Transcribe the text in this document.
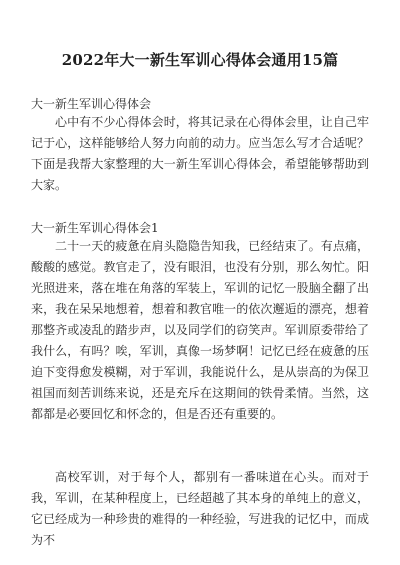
2022年大一新生军训心得体会通用15篇
大一新生军训心得体会

心中有不少心得体会时，将其记录在心得体会里，让自己牢记于心，这样能够给人努力向前的动力。应当怎么写才合适呢？下面是我帮大家整理的大一新生军训心得体会，希望能够帮助到大家。

大一新生军训心得体会1

二十一天的疲惫在肩头隐隐告知我，已经结束了。有点痛，酸酸的感觉。教官走了，没有眼泪，也没有分别，那么匆忙。阳光照进来，落在堆在角落的军装上，军训的记忆一股脑全翻了出来，我在呆呆地想着，想着和教官唯一的依次邂逅的漂亮，想着那整齐或凌乱的踏步声，以及同学们的窃笑声。军训原委带给了我什么，有吗？唉，军训，真像一场梦啊！记忆已经在疲惫的压迫下变得愈发模糊，对于军训，我能说什么，是从崇高的为保卫祖国而刻苦训练来说，还是充斥在这期间的铁骨柔情。当然，这都都是必要回忆和怀念的，但是否还有重要的。

高校军训，对于每个人，都别有一番味道在心头。而对于我，军训，在某种程度上，已经超越了其本身的单纯上的意义，它已经成为一种珍贵的难得的一种经验，写进我的记忆中，而成为不
